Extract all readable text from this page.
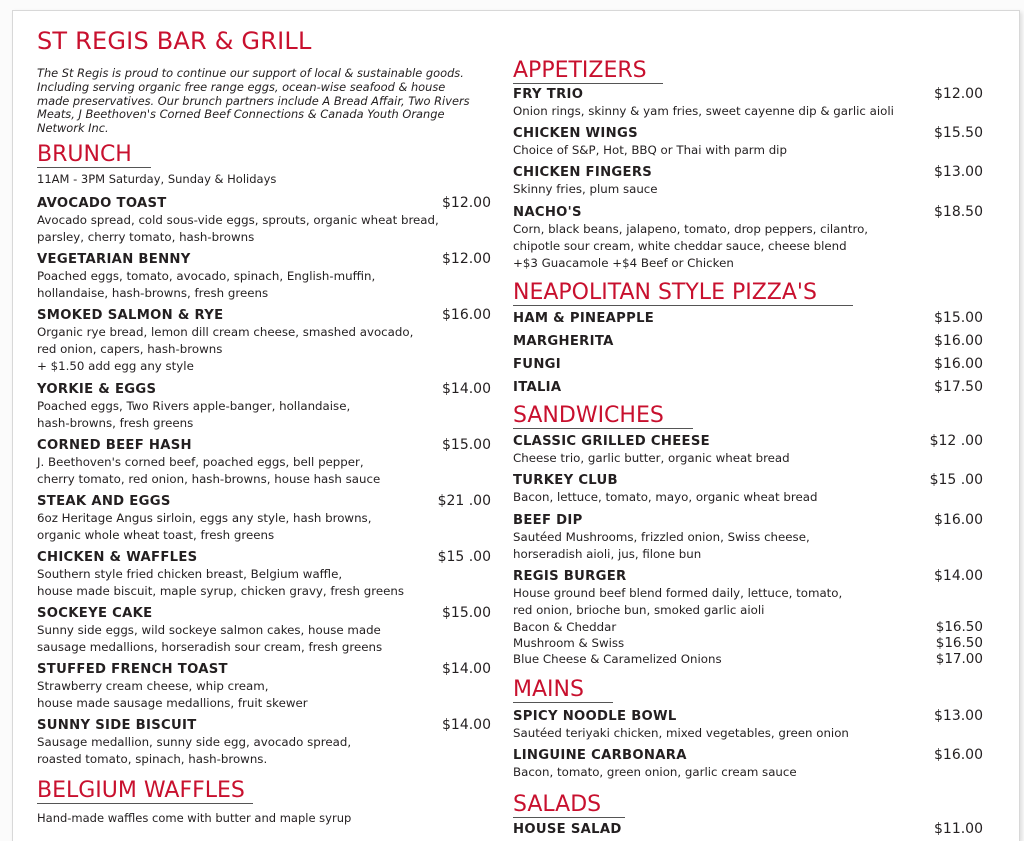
ST REGIS BAR & GRILL
The St Regis is proud to continue our support of local & sustainable goods. Including serving organic free range eggs, ocean-wise seafood & house made preservatives. Our brunch partners include A Bread Affair, Two Rivers Meats, J Beethoven's Corned Beef Connections & Canada Youth Orange Network Inc.
BRUNCH
11AM - 3PM Saturday, Sunday & Holidays
AVOCADO TOAST	$12.00
Avocado spread, cold sous-vide eggs, sprouts, organic wheat bread,
parsley, cherry tomato, hash-browns
VEGETARIAN BENNY	$12.00
Poached eggs, tomato, avocado, spinach, English-muffin,
hollandaise, hash-browns, fresh greens
SMOKED SALMON & RYE	$16.00
Organic rye bread, lemon dill cream cheese, smashed avocado,
red onion, capers, hash-browns
+ $1.50 add egg any style
YORKIE & EGGS	$14.00
Poached eggs, Two Rivers apple-banger, hollandaise,
hash-browns, fresh greens
CORNED BEEF HASH	$15.00
J. Beethoven's corned beef, poached eggs, bell pepper,
cherry tomato, red onion, hash-browns, house hash sauce
STEAK AND EGGS	$21 .00
6oz Heritage Angus sirloin, eggs any style, hash browns,
organic whole wheat toast, fresh greens
CHICKEN & WAFFLES	$15 .00
Southern style fried chicken breast, Belgium waffle,
house made biscuit, maple syrup, chicken gravy, fresh greens
SOCKEYE CAKE	$15.00
Sunny side eggs, wild sockeye salmon cakes, house made
sausage medallions, horseradish sour cream, fresh greens
STUFFED FRENCH TOAST	$14.00
Strawberry cream cheese, whip cream,
house made sausage medallions, fruit skewer
SUNNY SIDE BISCUIT	$14.00
Sausage medallion, sunny side egg, avocado spread,
roasted tomato, spinach, hash-browns.
BELGIUM WAFFLES
Hand-made waffles come with butter and maple syrup
APPETIZERS
FRY TRIO	$12.00
Onion rings, skinny & yam fries, sweet cayenne dip & garlic aioli
CHICKEN WINGS	$15.50
Choice of S&P, Hot, BBQ or Thai with parm dip
CHICKEN FINGERS	$13.00
Skinny fries, plum sauce
NACHO'S	$18.50
Corn, black beans, jalapeno, tomato, drop peppers, cilantro,
chipotle sour cream, white cheddar sauce, cheese blend
+$3 Guacamole +$4 Beef or Chicken
NEAPOLITAN STYLE PIZZA'S
HAM & PINEAPPLE	$15.00
MARGHERITA	$16.00
FUNGI	$16.00
ITALIA	$17.50
SANDWICHES
CLASSIC GRILLED CHEESE	$12 .00
Cheese trio, garlic butter, organic wheat bread
TURKEY CLUB	$15 .00
Bacon, lettuce, tomato, mayo, organic wheat bread
BEEF DIP	$16.00
Sautéed Mushrooms, frizzled onion, Swiss cheese,
horseradish aioli, jus, filone bun
REGIS BURGER	$14.00
House ground beef blend formed daily, lettuce, tomato,
red onion, brioche bun, smoked garlic aioli
Bacon & Cheddar	$16.50
Mushroom & Swiss	$16.50
Blue Cheese & Caramelized Onions	$17.00
MAINS
SPICY NOODLE BOWL	$13.00
Sautéed teriyaki chicken, mixed vegetables, green onion
LINGUINE CARBONARA	$16.00
Bacon, tomato, green onion, garlic cream sauce
SALADS
HOUSE SALAD	$11.00
